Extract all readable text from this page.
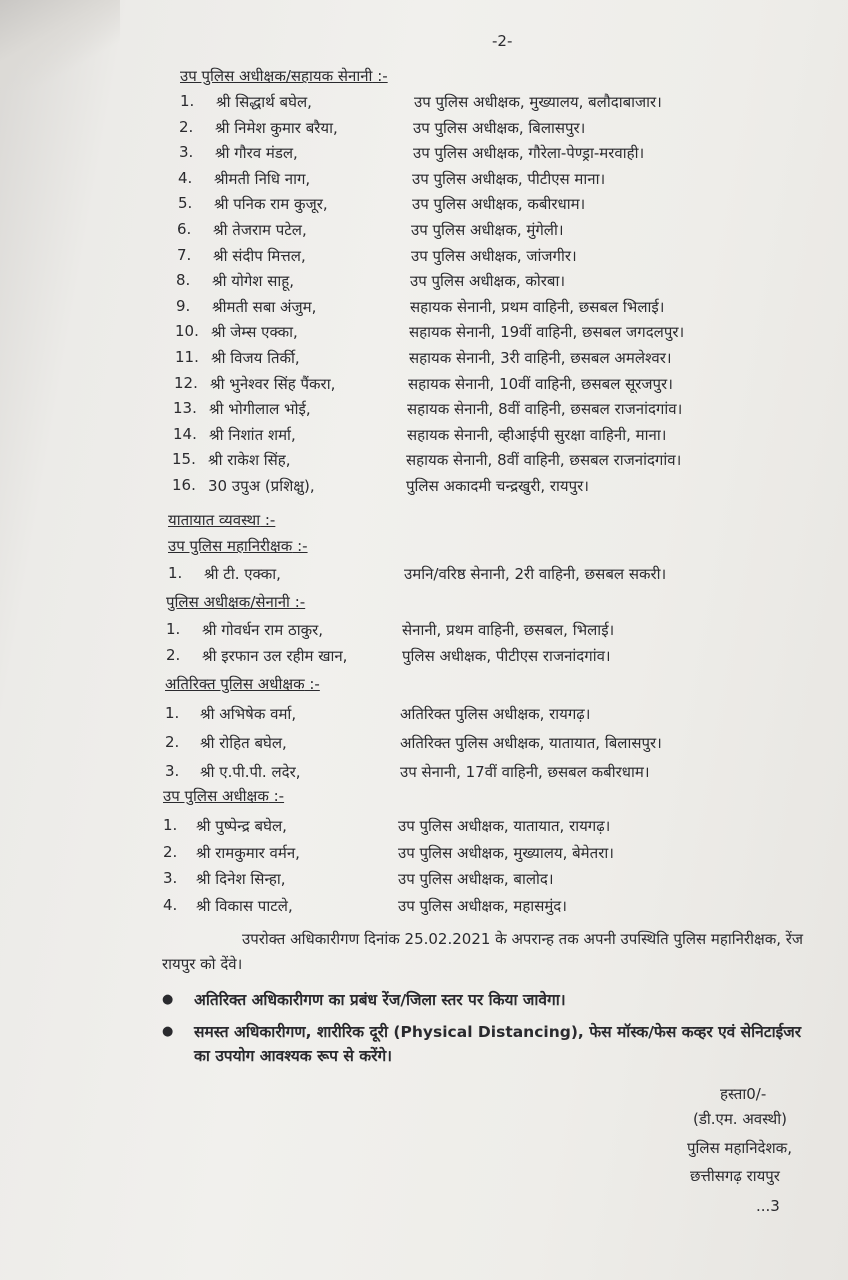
-2-
उप पुलिस अधीक्षक/सहायक सेनानी :-
1. श्री सिद्धार्थ बघेल,	उप पुलिस अधीक्षक, मुख्यालय, बलौदाबाजार।
2. श्री निमेश कुमार बरैया,	उप पुलिस अधीक्षक, बिलासपुर।
3. श्री गौरव मंडल,	उप पुलिस अधीक्षक, गौरेला-पेण्ड्रा-मरवाही।
4. श्रीमती निधि नाग,	उप पुलिस अधीक्षक, पीटीएस माना।
5. श्री पनिक राम कुजूर,	उप पुलिस अधीक्षक, कबीरधाम।
6. श्री तेजराम पटेल,	उप पुलिस अधीक्षक, मुंगेली।
7. श्री संदीप मित्तल,	उप पुलिस अधीक्षक, जांजगीर।
8. श्री योगेश साहू,	उप पुलिस अधीक्षक, कोरबा।
9. श्रीमती सबा अंजुम,	सहायक सेनानी, प्रथम वाहिनी, छसबल भिलाई।
10. श्री जेम्स एक्का,	सहायक सेनानी, 19वीं वाहिनी, छसबल जगदलपुर।
11. श्री विजय तिर्की,	सहायक सेनानी, 3री वाहिनी, छसबल अमलेश्वर।
12. श्री भुनेश्वर सिंह पैंकरा,	सहायक सेनानी, 10वीं वाहिनी, छसबल सूरजपुर।
13. श्री भोगीलाल भोई,	सहायक सेनानी, 8वीं वाहिनी, छसबल राजनांदगांव।
14. श्री निशांत शर्मा,	सहायक सेनानी, व्हीआईपी सुरक्षा वाहिनी, माना।
15. श्री राकेश सिंह,	सहायक सेनानी, 8वीं वाहिनी, छसबल राजनांदगांव।
16. 30 उपुअ (प्रशिक्षु),	पुलिस अकादमी चन्द्रखुरी, रायपुर।
यातायात व्यवस्था :-
उप पुलिस महानिरीक्षक :-
1. श्री टी. एक्का,	उमनि/वरिष्ठ सेनानी, 2री वाहिनी, छसबल सकरी।
पुलिस अधीक्षक/सेनानी :-
1. श्री गोवर्धन राम ठाकुर,	सेनानी, प्रथम वाहिनी, छसबल, भिलाई।
2. श्री इरफान उल रहीम खान,	पुलिस अधीक्षक, पीटीएस राजनांदगांव।
अतिरिक्त पुलिस अधीक्षक :-
1. श्री अभिषेक वर्मा,	अतिरिक्त पुलिस अधीक्षक, रायगढ़।
2. श्री रोहित बघेल,	अतिरिक्त पुलिस अधीक्षक, यातायात, बिलासपुर।
3. श्री ए.पी.पी. लदेर,	उप सेनानी, 17वीं वाहिनी, छसबल कबीरधाम।
उप पुलिस अधीक्षक :-
1. श्री पुष्पेन्द्र बघेल,	उप पुलिस अधीक्षक, यातायात, रायगढ़।
2. श्री रामकुमार वर्मन,	उप पुलिस अधीक्षक, मुख्यालय, बेमेतरा।
3. श्री दिनेश सिन्हा,	उप पुलिस अधीक्षक, बालोद।
4. श्री विकास पाटले,	उप पुलिस अधीक्षक, महासमुंद।
उपरोक्त अधिकारीगण दिनांक 25.02.2021 के अपरान्ह तक अपनी उपस्थिति पुलिस महानिरीक्षक, रेंज रायपुर को देंवे।
● अतिरिक्त अधिकारीगण का प्रबंध रेंज/जिला स्तर पर किया जावेगा।
● समस्त अधिकारीगण, शारीरिक दूरी (Physical Distancing), फेस मॉस्क/फेस कव्हर एवं सेनिटाईजर का उपयोग आवश्यक रूप से करेंगे।
हस्ता0/-
(डी.एम. अवस्थी)
पुलिस महानिदेशक,
छत्तीसगढ़ रायपुर
...3
